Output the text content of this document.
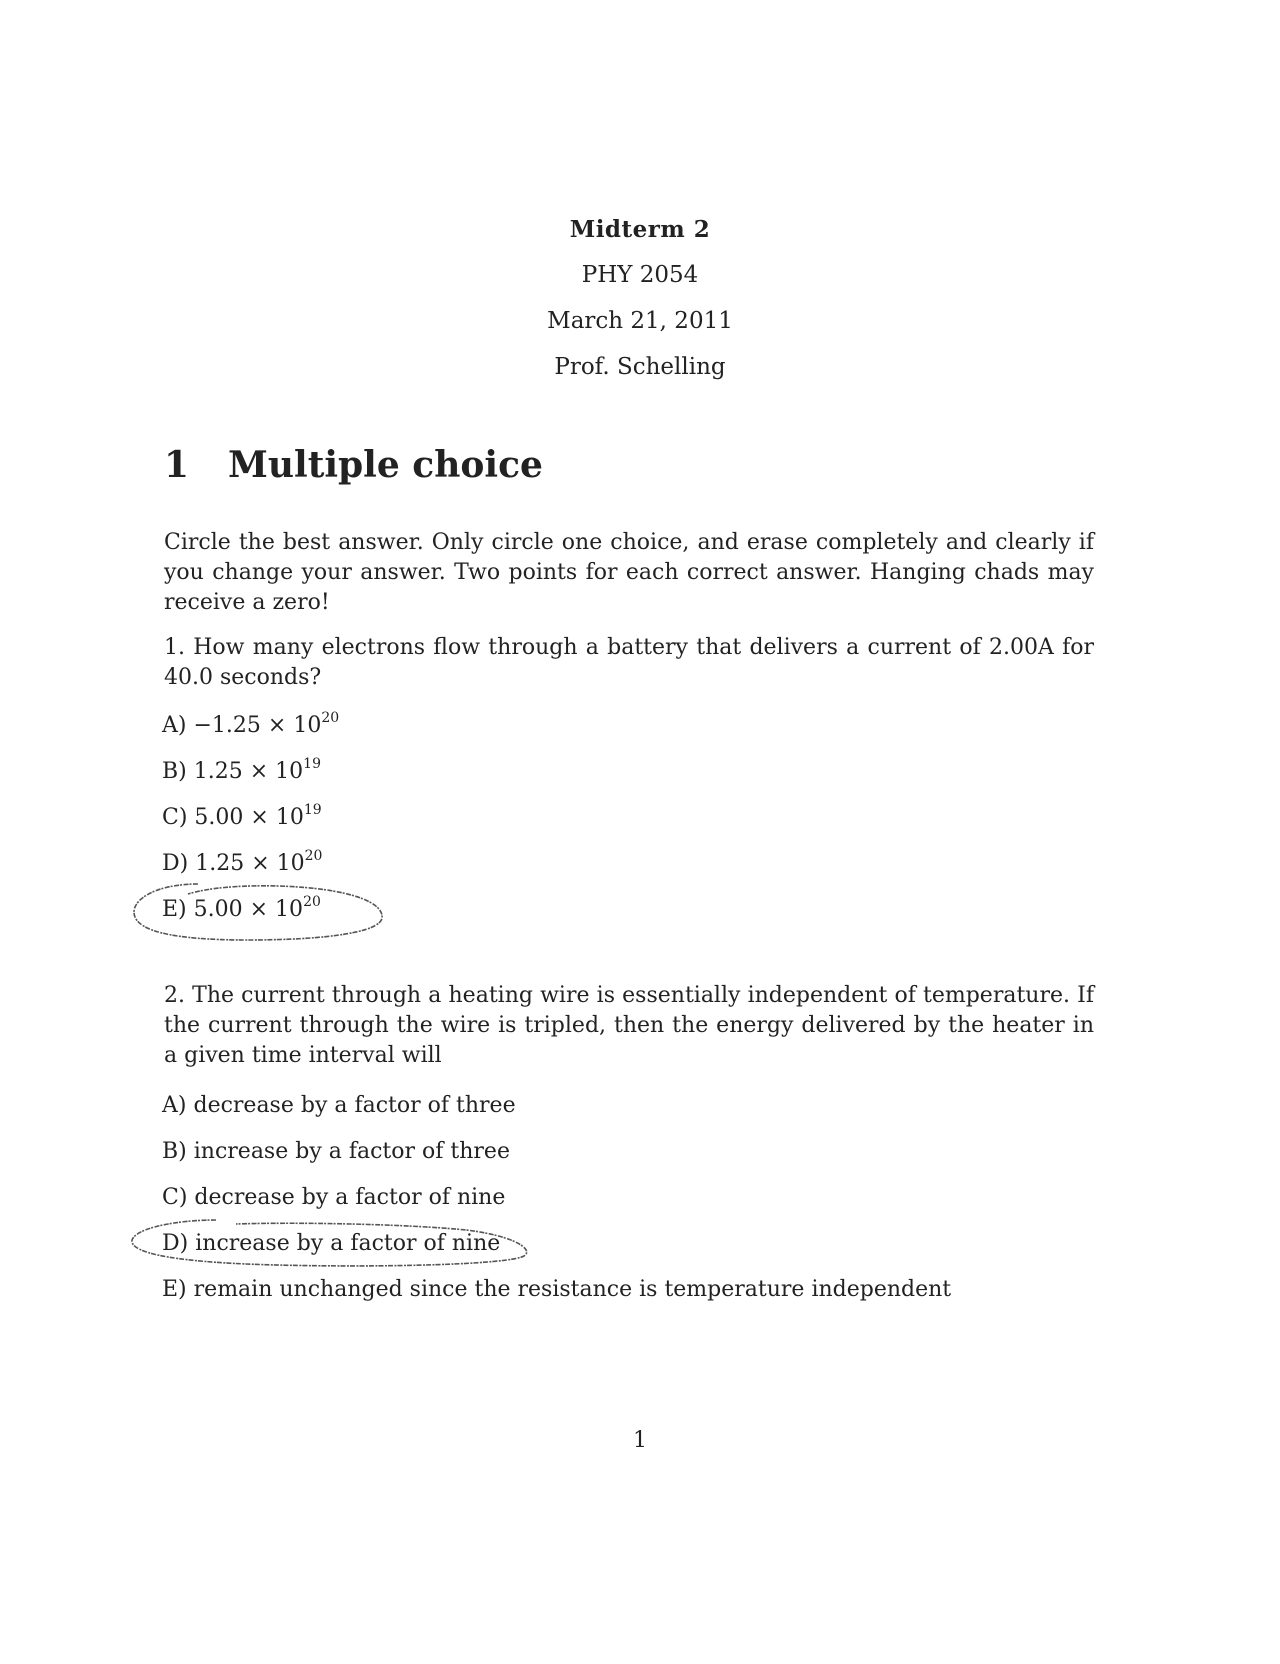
Midterm 2
PHY 2054
March 21, 2011
Prof. Schelling
1 Multiple choice
Circle the best answer. Only circle one choice, and erase completely and clearly if you change your answer. Two points for each correct answer. Hanging chads may receive a zero!
1. How many electrons flow through a battery that delivers a current of 2.00A for 40.0 seconds?
$A) -1.25 \times 10^{20}$
B) $1.25 \times 10^{19}$
C) $5.00 \times 10^{19}$
D) $1.25 \times 10^{20}$
E) $5.00 \times 10^{20}$
2. The current through a heating wire is essentially independent of temperature. If the current through the wire is tripled, then the energy delivered by the heater in a given time interval will
A) decrease by a factor of three
B) increase by a factor of three
C) decrease by a factor of nine
D) increase by a factor of nine
E) remain unchanged since the resistance is temperature independent
1
